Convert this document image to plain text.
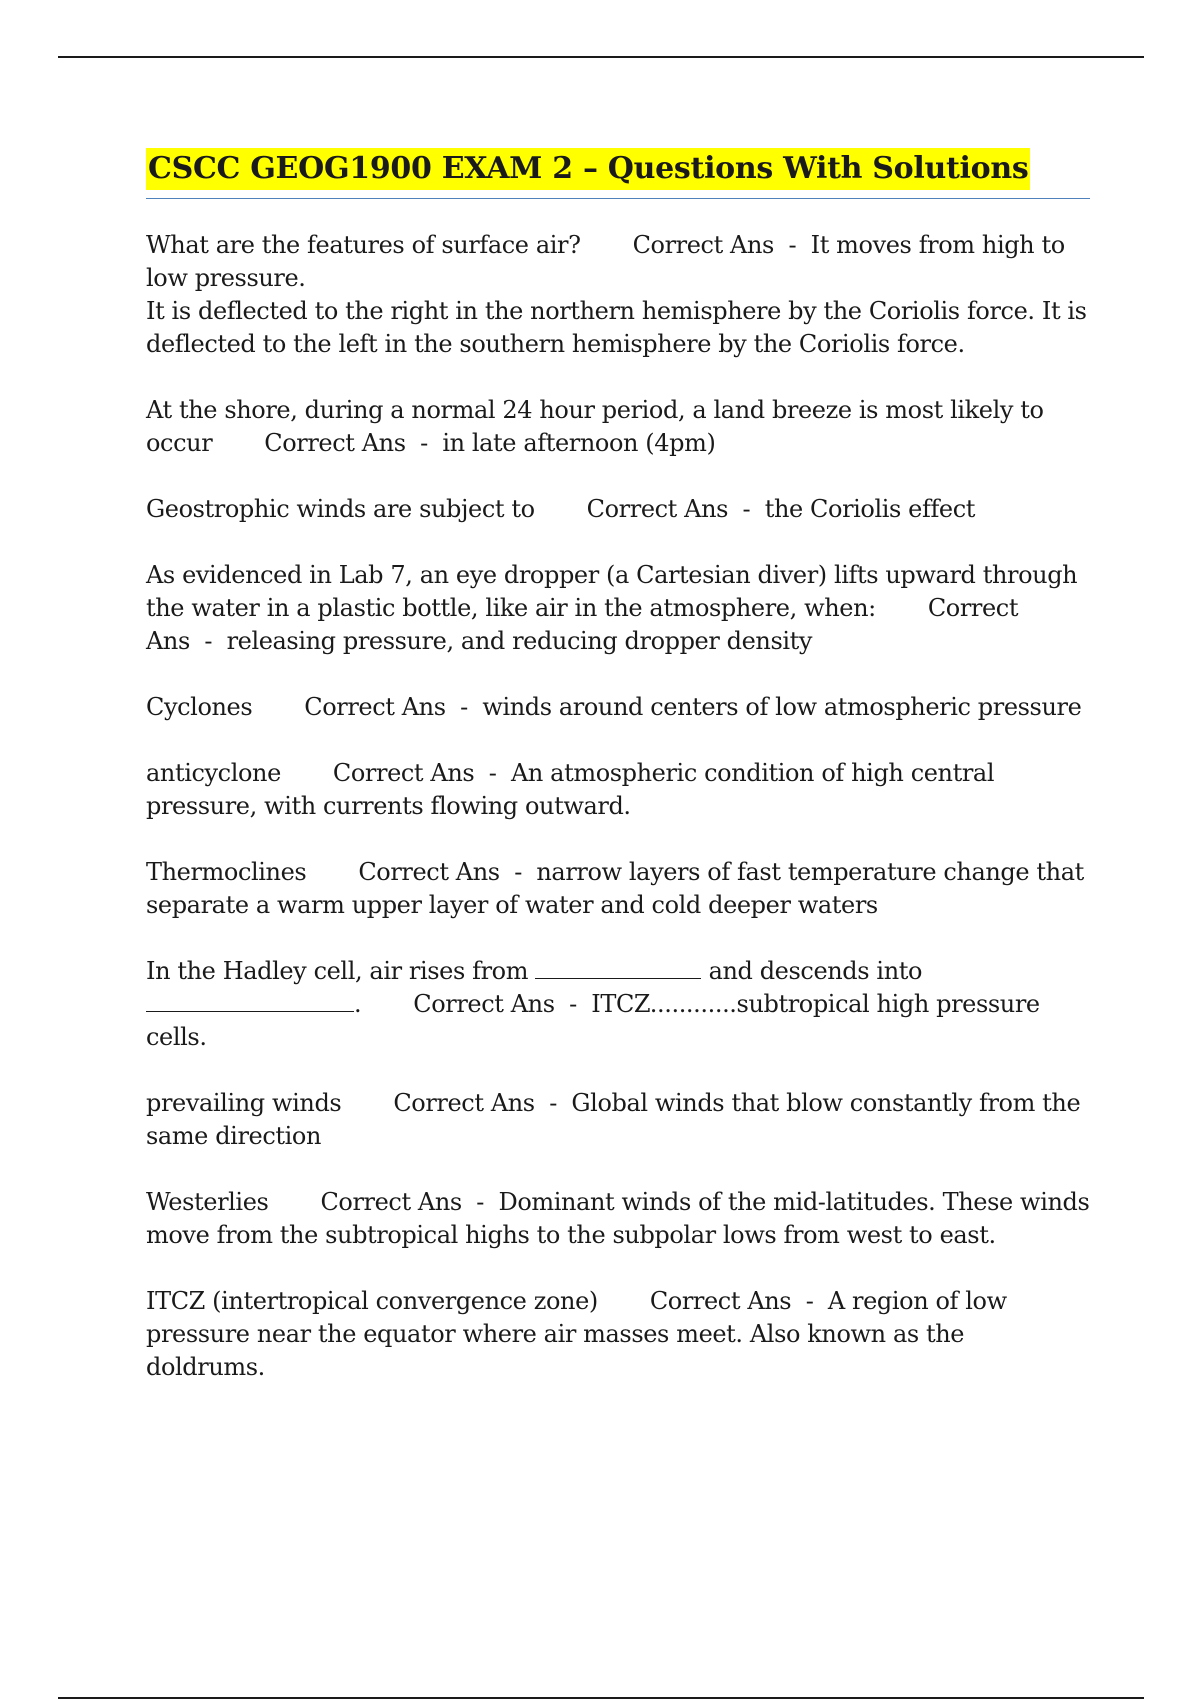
CSCC GEOG1900 EXAM 2 – Questions With Solutions

What are the features of surface air? Correct Ans - It moves from high to low pressure.

It is deflected to the right in the northern hemisphere by the Coriolis force. It is deflected to the left in the southern hemisphere by the Coriolis force.

At the shore, during a normal 24 hour period, a land breeze is most likely to occur Correct Ans - in late afternoon (4pm)

Geostrophic winds are subject to Correct Ans - the Coriolis effect

As evidenced in Lab 7, an eye dropper (a Cartesian diver) lifts upward through the water in a plastic bottle, like air in the atmosphere, when: Correct Ans - releasing pressure, and reducing dropper density

Cyclones Correct Ans - winds around centers of low atmospheric pressure

anticyclone Correct Ans - An atmospheric condition of high central pressure, with currents flowing outward.

Thermoclines Correct Ans - narrow layers of fast temperature change that separate a warm upper layer of water and cold deeper waters

In the Hadley cell, air rises from	and descends into . Correct Ans - ITCZ............subtropical high pressure cells.

prevailing winds Correct Ans - Global winds that blow constantly from the same direction

Westerlies Correct Ans - Dominant winds of the mid-latitudes. These winds move from the subtropical highs to the subpolar lows from west to east.

ITCZ (intertropical convergence zone) Correct Ans - A region of low pressure near the equator where air masses meet. Also known as the doldrums.
